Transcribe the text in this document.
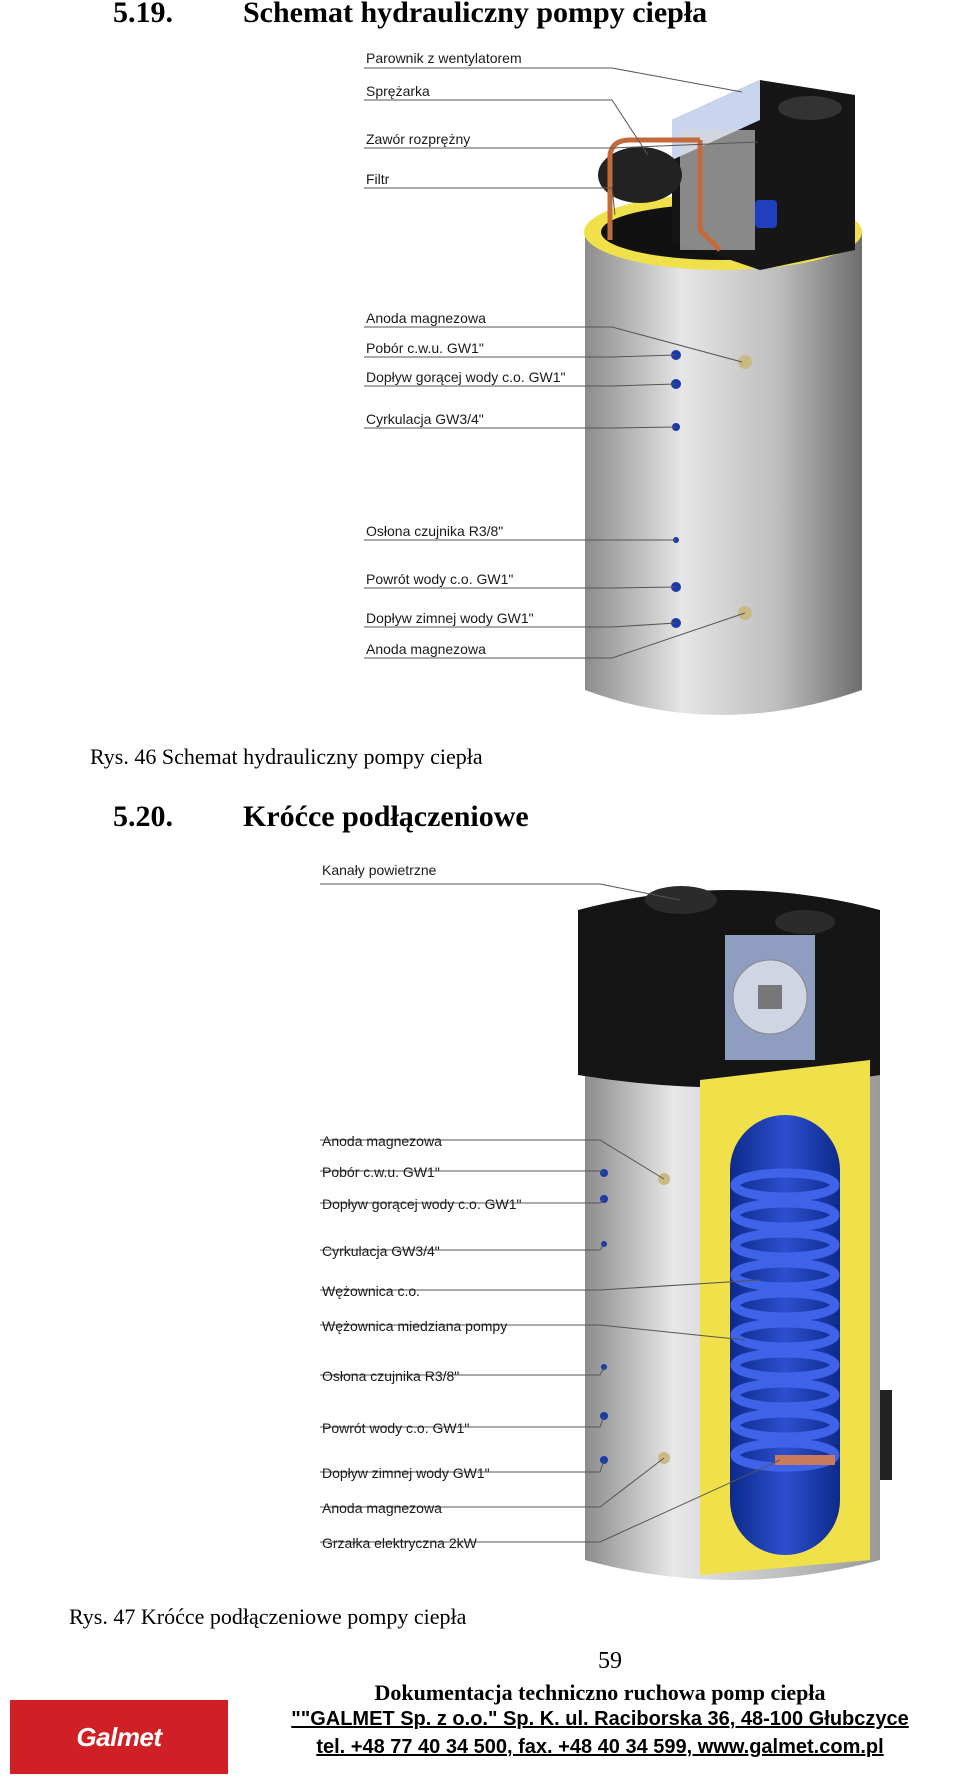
5.19. Schemat hydrauliczny pompy ciepła
Parownik z wentylatorem
Sprężarka
Zawór rozprężny
Filtr
Anoda magnezowa
Pobór c.w.u. GW1"
Dopływ gorącej wody c.o. GW1"
Cyrkulacja GW3/4"
Osłona czujnika R3/8"
Powrót wody c.o. GW1"
Dopływ zimnej wody GW1"
Anoda magnezowa
Rys. 46 Schemat hydrauliczny pompy ciepła
5.20. Króćce podłączeniowe
Kanały powietrzne
Anoda magnezowa
Pobór c.w.u. GW1"
Dopływ gorącej wody c.o. GW1"
Cyrkulacja GW3/4"
Wężownica c.o.
Wężownica miedziana pompy
Osłona czujnika R3/8"
Powrót wody c.o. GW1"
Dopływ zimnej wody GW1"
Anoda magnezowa
Grzałka elektryczna 2kW
Rys. 47 Króćce podłączeniowe pompy ciepła
59
Galmet
Dokumentacja techniczno ruchowa pomp ciepła
""GALMET Sp. z o.o." Sp. K. ul. Raciborska 36, 48-100 Głubczyce
tel. +48 77 40 34 500, fax. +48 40 34 599, www.galmet.com.pl
